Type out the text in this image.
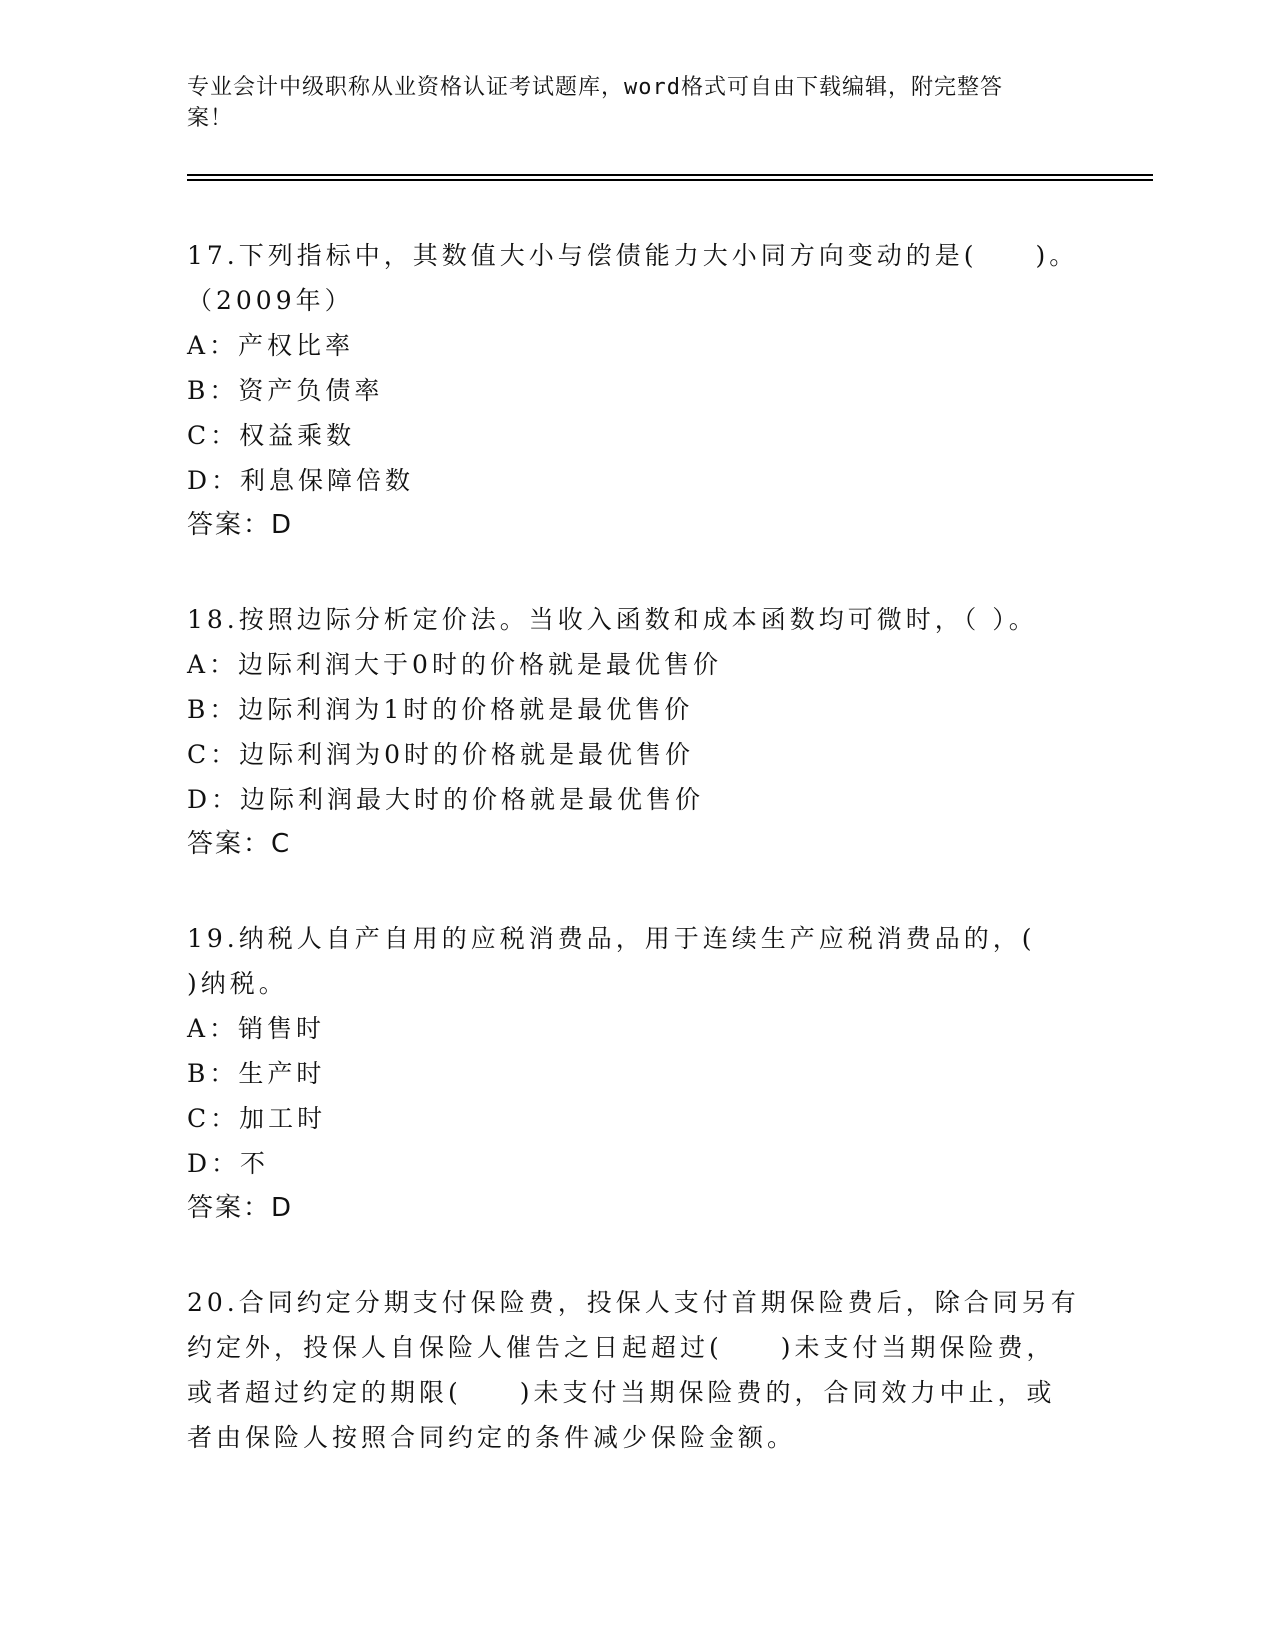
专业会计中级职称从业资格认证考试题库，word格式可自由下载编辑，附完整答
案！
17.下列指标中，其数值大小与偿债能力大小同方向变动的是(　　)。
（2009年）
A：产权比率
B：资产负债率
C：权益乘数
D：利息保障倍数
答案：D
18.按照边际分析定价法。当收入函数和成本函数均可微时，（ ）。
A：边际利润大于0时的价格就是最优售价
B：边际利润为1时的价格就是最优售价
C：边际利润为0时的价格就是最优售价
D：边际利润最大时的价格就是最优售价
答案：C
19.纳税人自产自用的应税消费品，用于连续生产应税消费品的，(
)纳税。
A：销售时
B：生产时
C：加工时
D：不
答案：D
20.合同约定分期支付保险费，投保人支付首期保险费后，除合同另有
约定外，投保人自保险人催告之日起超过(　　)未支付当期保险费，
或者超过约定的期限(　　)未支付当期保险费的，合同效力中止，或
者由保险人按照合同约定的条件减少保险金额。
